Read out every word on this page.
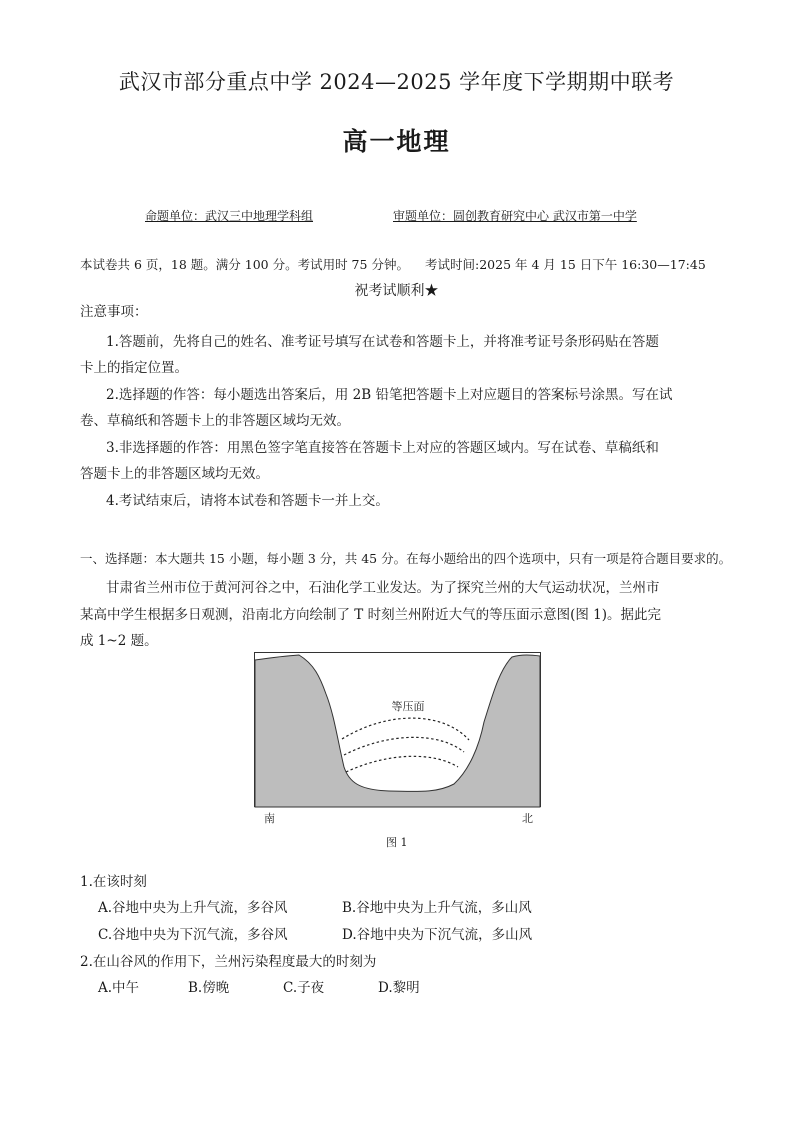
武汉市部分重点中学 2024—2025 学年度下学期期中联考
高一地理
命题单位：武汉三中地理学科组	审题单位：圆创教育研究中心 武汉市第一中学
本试卷共 6 页，18 题。满分 100 分。考试用时 75 分钟。 考试时间:2025 年 4 月 15 日下午 16:30—17:45
祝考试顺利★
注意事项：
1.答题前，先将自己的姓名、准考证号填写在试卷和答题卡上，并将准考证号条形码贴在答题
卡上的指定位置。
2.选择题的作答：每小题选出答案后，用 2B 铅笔把答题卡上对应题目的答案标号涂黑。写在试
卷、草稿纸和答题卡上的非答题区域均无效。
3.非选择题的作答：用黑色签字笔直接答在答题卡上对应的答题区域内。写在试卷、草稿纸和
答题卡上的非答题区域均无效。
4.考试结束后，请将本试卷和答题卡一并上交。
一、选择题：本大题共 15 小题，每小题 3 分，共 45 分。在每小题给出的四个选项中，只有一项是符合题目要求的。
甘肃省兰州市位于黄河河谷之中，石油化学工业发达。为了探究兰州的大气运动状况，兰州市
某高中学生根据多日观测，沿南北方向绘制了 T 时刻兰州附近大气的等压面示意图(图 1)。据此完
成 1~2 题。
等压面
南	北
图 1
1.在该时刻
A.谷地中央为上升气流，多谷风	B.谷地中央为上升气流，多山风
C.谷地中央为下沉气流，多谷风	D.谷地中央为下沉气流，多山风
2.在山谷风的作用下，兰州污染程度最大的时刻为
A.中午	B.傍晚	C.子夜	D.黎明
